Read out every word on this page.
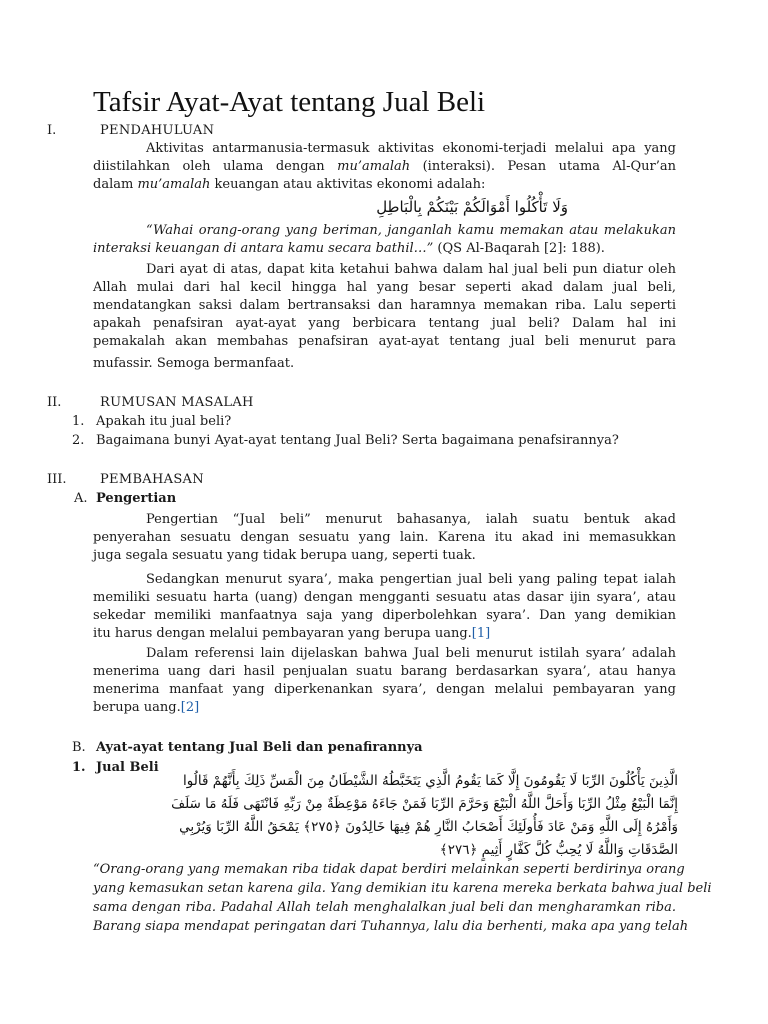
Tafsir Ayat-Ayat tentang Jual Beli
I.	PENDAHULUAN
Aktivitas antarmanusia-termasuk aktivitas ekonomi-terjadi melalui apa yang
diistilahkan oleh ulama dengan mu’amalah (interaksi). Pesan utama Al-Qur’an
dalam mu’amalah keuangan atau aktivitas ekonomi adalah:
وَلَا تَأْكُلُوا أَمْوَالَكُمْ بَيْنَكُمْ بِالْبَاطِلِ
“Wahai orang-orang yang beriman, janganlah kamu memakan atau melakukan
interaksi keuangan di antara kamu secara bathil…” (QS Al-Baqarah [2]: 188).
Dari ayat di atas, dapat kita ketahui bahwa dalam hal jual beli pun diatur oleh
Allah mulai dari hal kecil hingga hal yang besar seperti akad dalam jual beli,
mendatangkan saksi dalam bertransaksi dan haramnya memakan riba. Lalu seperti
apakah penafsiran ayat-ayat yang berbicara tentang jual beli? Dalam hal ini
pemakalah akan membahas penafsiran ayat-ayat tentang jual beli menurut para
mufassir. Semoga bermanfaat.
II.	RUMUSAN MASALAH
1. Apakah itu jual beli?
2. Bagaimana bunyi Ayat-ayat tentang Jual Beli? Serta bagaimana penafsirannya?
III.	PEMBAHASAN
A. Pengertian
Pengertian “Jual beli” menurut bahasanya, ialah suatu bentuk akad
penyerahan sesuatu dengan sesuatu yang lain. Karena itu akad ini memasukkan
juga segala sesuatu yang tidak berupa uang, seperti tuak.
Sedangkan menurut syara’, maka pengertian jual beli yang paling tepat ialah
memiliki sesuatu harta (uang) dengan mengganti sesuatu atas dasar ijin syara’, atau
sekedar memiliki manfaatnya saja yang diperbolehkan syara’. Dan yang demikian
itu harus dengan melalui pembayaran yang berupa uang.[1]
Dalam referensi lain dijelaskan bahwa Jual beli menurut istilah syara’ adalah
menerima uang dari hasil penjualan suatu barang berdasarkan syara’, atau hanya
menerima manfaat yang diperkenankan syara’, dengan melalui pembayaran yang
berupa uang.[2]
B. Ayat-ayat tentang Jual Beli dan penafirannya
1. Jual Beli
الَّذِينَ يَأْكُلُونَ الرِّبَا لَا يَقُومُونَ إِلَّا كَمَا يَقُومُ الَّذِي يَتَخَبَّطُهُ الشَّيْطَانُ مِنَ الْمَسِّ ذَلِكَ بِأَنَّهُمْ قَالُوا
إِنَّمَا الْبَيْعُ مِثْلُ الرِّبَا وَأَحَلَّ اللَّهُ الْبَيْعَ وَحَرَّمَ الرِّبَا فَمَنْ جَاءَهُ مَوْعِظَةٌ مِنْ رَبِّهِ فَانْتَهَى فَلَهُ مَا سَلَفَ
وَأَمْرُهُ إِلَى اللَّهِ وَمَنْ عَادَ فَأُولَئِكَ أَصْحَابُ النَّارِ هُمْ فِيهَا خَالِدُونَ ﴿٢٧٥﴾ يَمْحَقُ اللَّهُ الرِّبَا وَيُرْبِي
الصَّدَقَاتِ وَاللَّهُ لَا يُحِبُّ كُلَّ كَفَّارٍ أَثِيمٍ ﴿٢٧٦﴾
“Orang-orang yang memakan riba tidak dapat berdiri melainkan seperti berdirinya orang
yang kemasukan setan karena gila. Yang demikian itu karena mereka berkata bahwa jual beli
sama dengan riba. Padahal Allah telah menghalalkan jual beli dan mengharamkan riba.
Barang siapa mendapat peringatan dari Tuhannya, lalu dia berhenti, maka apa yang telah
